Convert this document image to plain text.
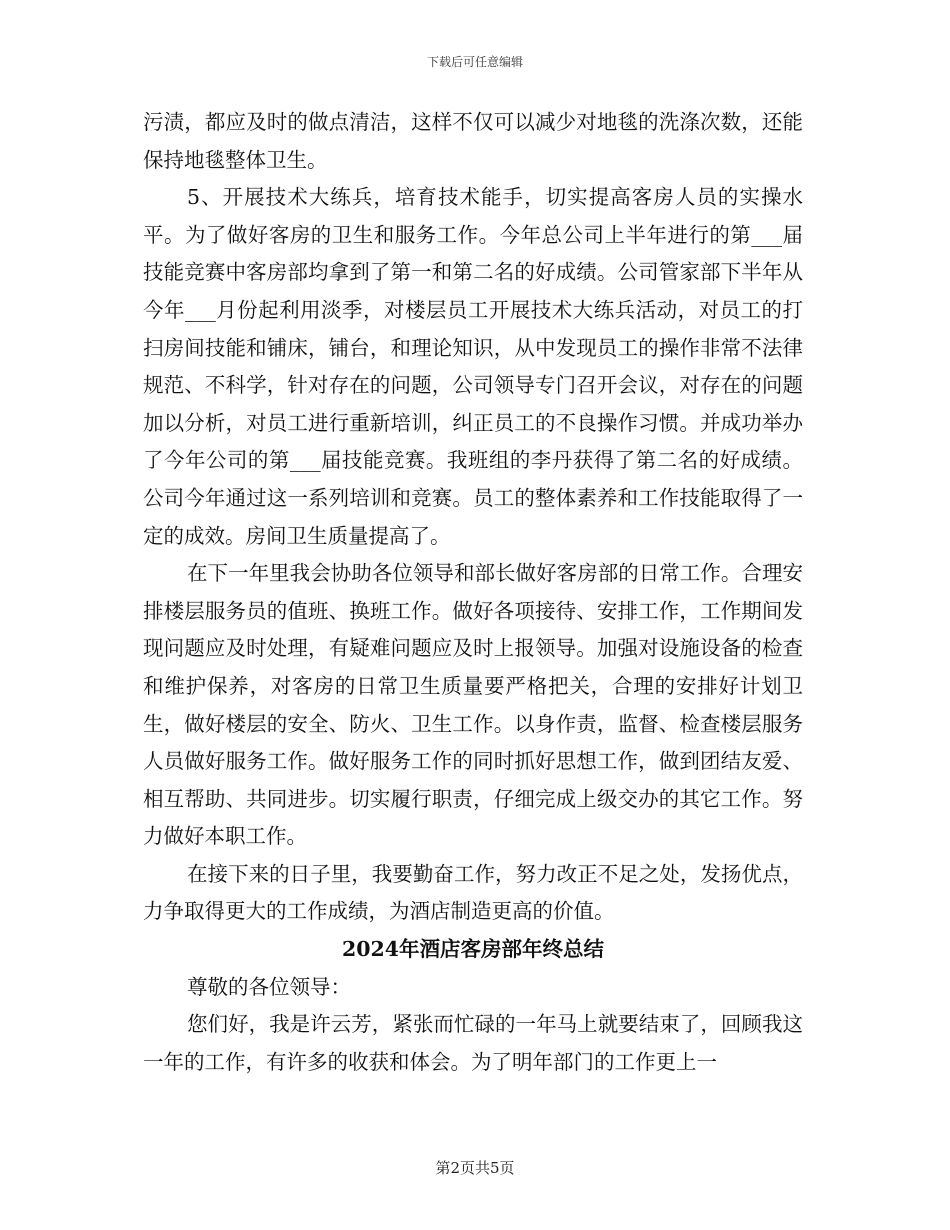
下载后可任意编辑

污渍，都应及时的做点清洁，这样不仅可以减少对地毯的洗涤次数，还能保持地毯整体卫生。

5、开展技术大练兵，培育技术能手，切实提高客房人员的实操水平。为了做好客房的卫生和服务工作。今年总公司上半年进行的第___届技能竞赛中客房部均拿到了第一和第二名的好成绩。公司管家部下半年从今年___月份起利用淡季，对楼层员工开展技术大练兵活动，对员工的打扫房间技能和铺床，铺台，和理论知识，从中发现员工的操作非常不法律规范、不科学，针对存在的问题，公司领导专门召开会议，对存在的问题加以分析，对员工进行重新培训，纠正员工的不良操作习惯。并成功举办了今年公司的第___届技能竞赛。我班组的李丹获得了第二名的好成绩。公司今年通过这一系列培训和竞赛。员工的整体素养和工作技能取得了一定的成效。房间卫生质量提高了。

在下一年里我会协助各位领导和部长做好客房部的日常工作。合理安排楼层服务员的值班、换班工作。做好各项接待、安排工作，工作期间发现问题应及时处理，有疑难问题应及时上报领导。加强对设施设备的检查和维护保养，对客房的日常卫生质量要严格把关，合理的安排好计划卫生，做好楼层的安全、防火、卫生工作。以身作责，监督、检查楼层服务人员做好服务工作。做好服务工作的同时抓好思想工作，做到团结友爱、相互帮助、共同进步。切实履行职责，仔细完成上级交办的其它工作。努力做好本职工作。

在接下来的日子里，我要勤奋工作，努力改正不足之处，发扬优点，力争取得更大的工作成绩，为酒店制造更高的价值。

2024年酒店客房部年终总结

尊敬的各位领导：

您们好，我是许云芳，紧张而忙碌的一年马上就要结束了，回顾我这一年的工作，有许多的收获和体会。为了明年部门的工作更上一

第2页共5页
